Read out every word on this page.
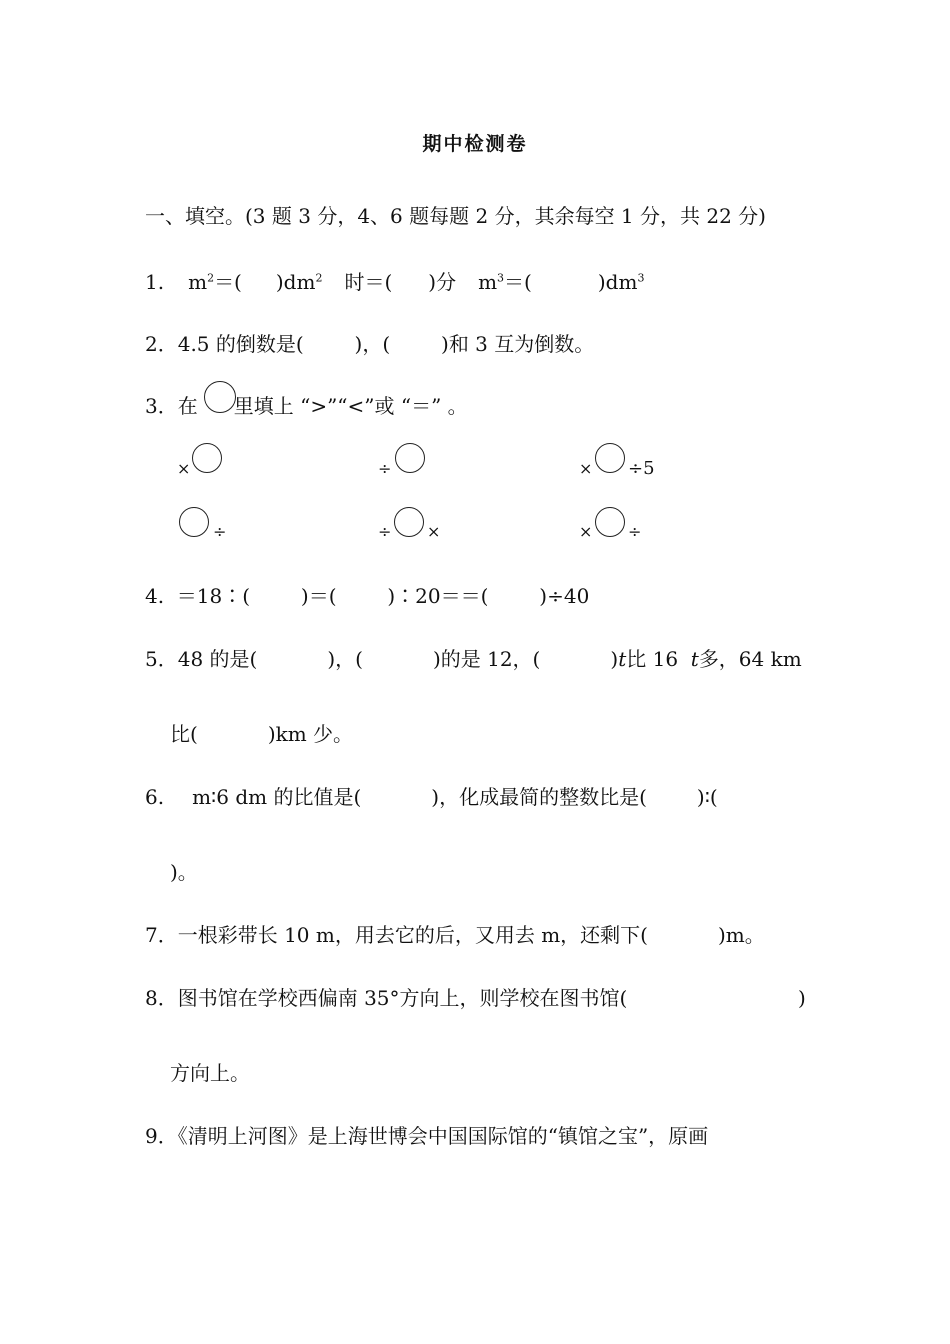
期中检测卷
一、填空。(3 题 3 分，4、6 题每题 2 分，其余每空 1 分，共 22 分)
1. $m^2=$( )$dm^2$ 时＝( )分 $m^3=$(	)$dm^3$
2．4.5 的倒数是(        )，(        )和 3 互为倒数。
3．在 里填上 “>”“<”或 “＝” 。
×	÷	× ÷5
÷	÷ ×	× ÷
4.  ＝18∶(        )＝(        )∶20＝＝(        )÷40
5．48 的是(	)，(	)的是 12，(	)t比 16 t多，64 km
比(	)km 少。
6. m∶6 dm 的比值是(	)，化成最简的整数比是(	)∶(
)。
7．一根彩带长 10 m，用去它的后，又用去 m，还剩下(	)m。
8．图书馆在学校西偏南 35°方向上，则学校在图书馆(	)
方向上。
9．《清明上河图》是上海世博会中国国际馆的“镇馆之宝”，原画
